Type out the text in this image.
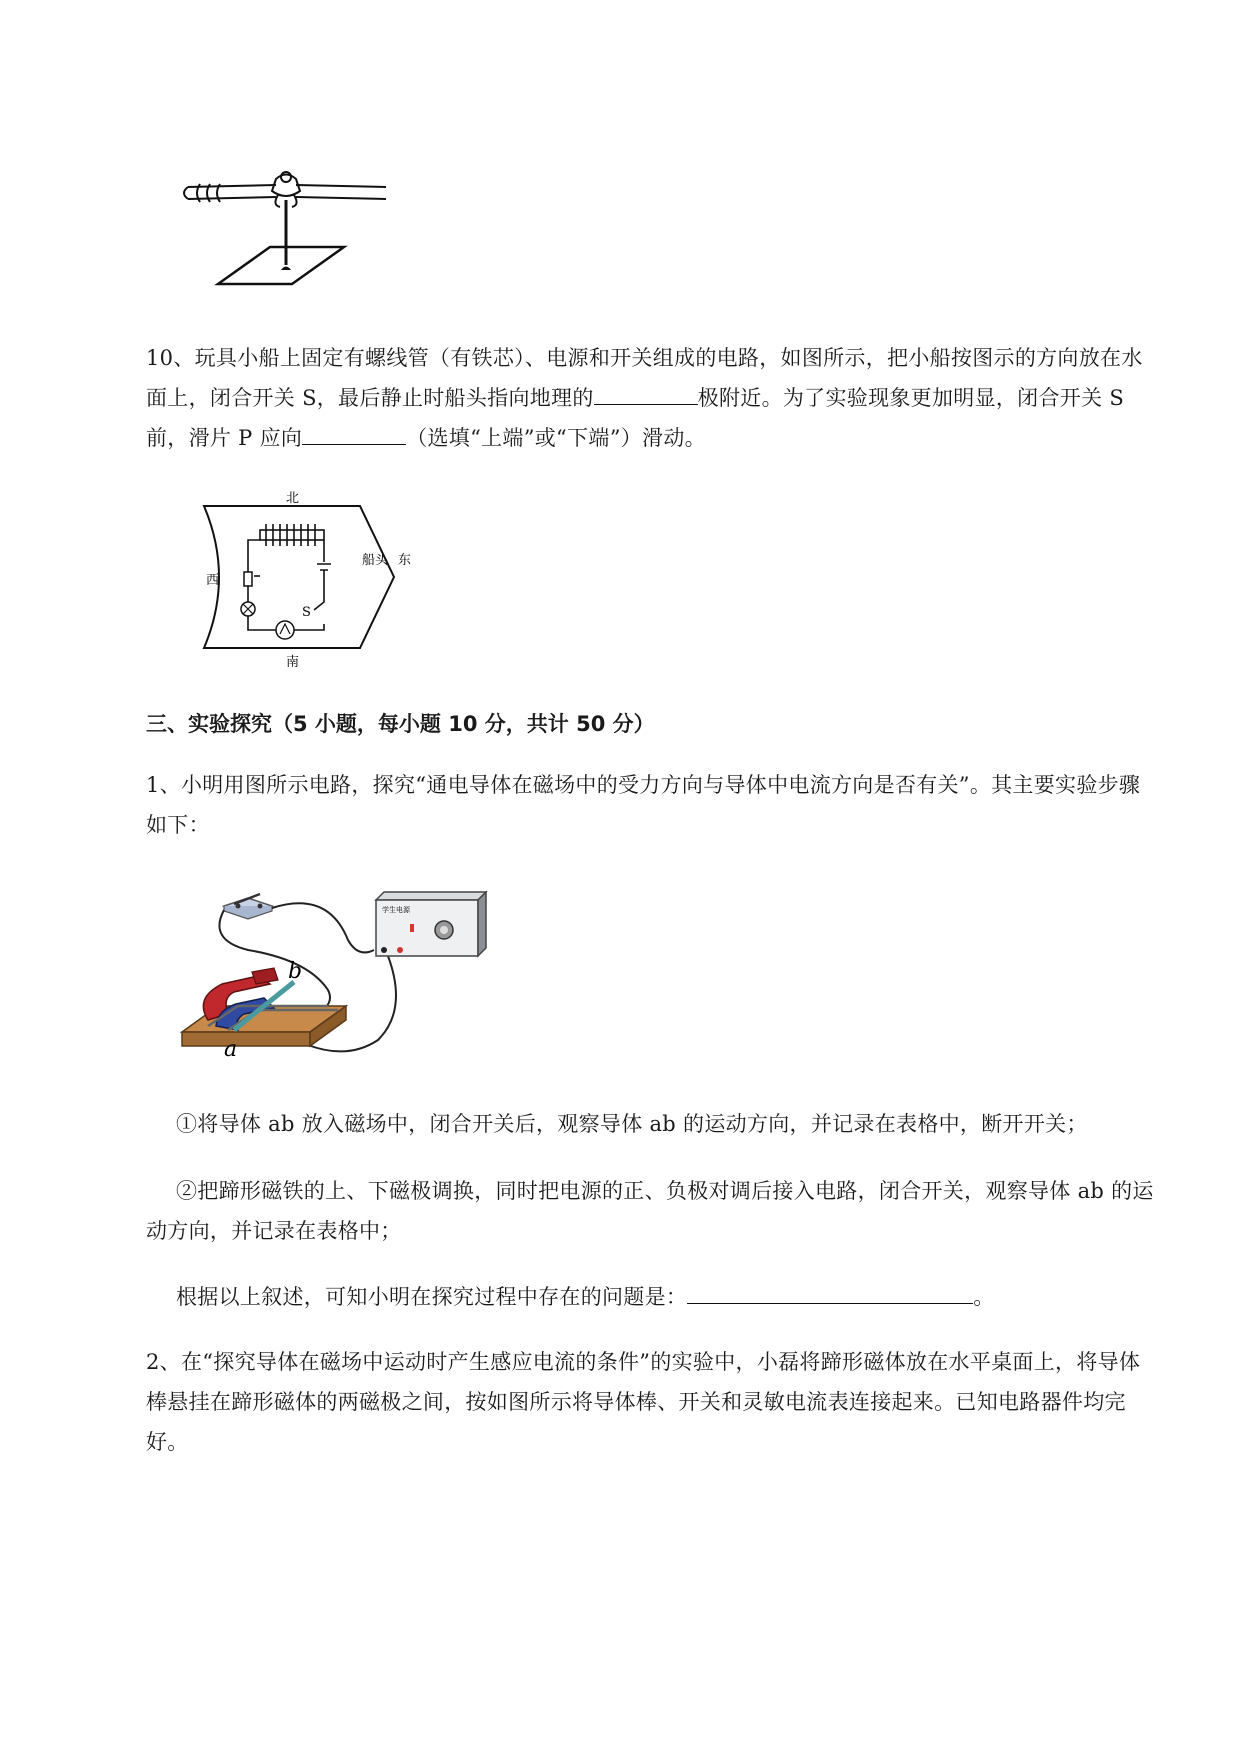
10、玩具小船上固定有螺线管（有铁芯）、电源和开关组成的电路，如图所示，把小船按图示的方向放在水面上，闭合开关 S，最后静止时船头指向地理的	极附近。为了实验现象更加明显，闭合开关 S 前，滑片 P 应向	（选填“上端”或“下端”）滑动。
北
南
西
东
船头
S
三、实验探究（5 小题，每小题 10 分，共计 50 分）
1、小明用图所示电路，探究“通电导体在磁场中的受力方向与导体中电流方向是否有关”。其主要实验步骤如下：
学生电源
b
a
①将导体 ab 放入磁场中，闭合开关后，观察导体 ab 的运动方向，并记录在表格中，断开开关；
②把蹄形磁铁的上、下磁极调换，同时把电源的正、负极对调后接入电路，闭合开关，观察导体 ab 的运动方向，并记录在表格中；
根据以上叙述，可知小明在探究过程中存在的问题是：	。
2、在“探究导体在磁场中运动时产生感应电流的条件”的实验中，小磊将蹄形磁体放在水平桌面上，将导体棒悬挂在蹄形磁体的两磁极之间，按如图所示将导体棒、开关和灵敏电流表连接起来。已知电路器件均完好。
